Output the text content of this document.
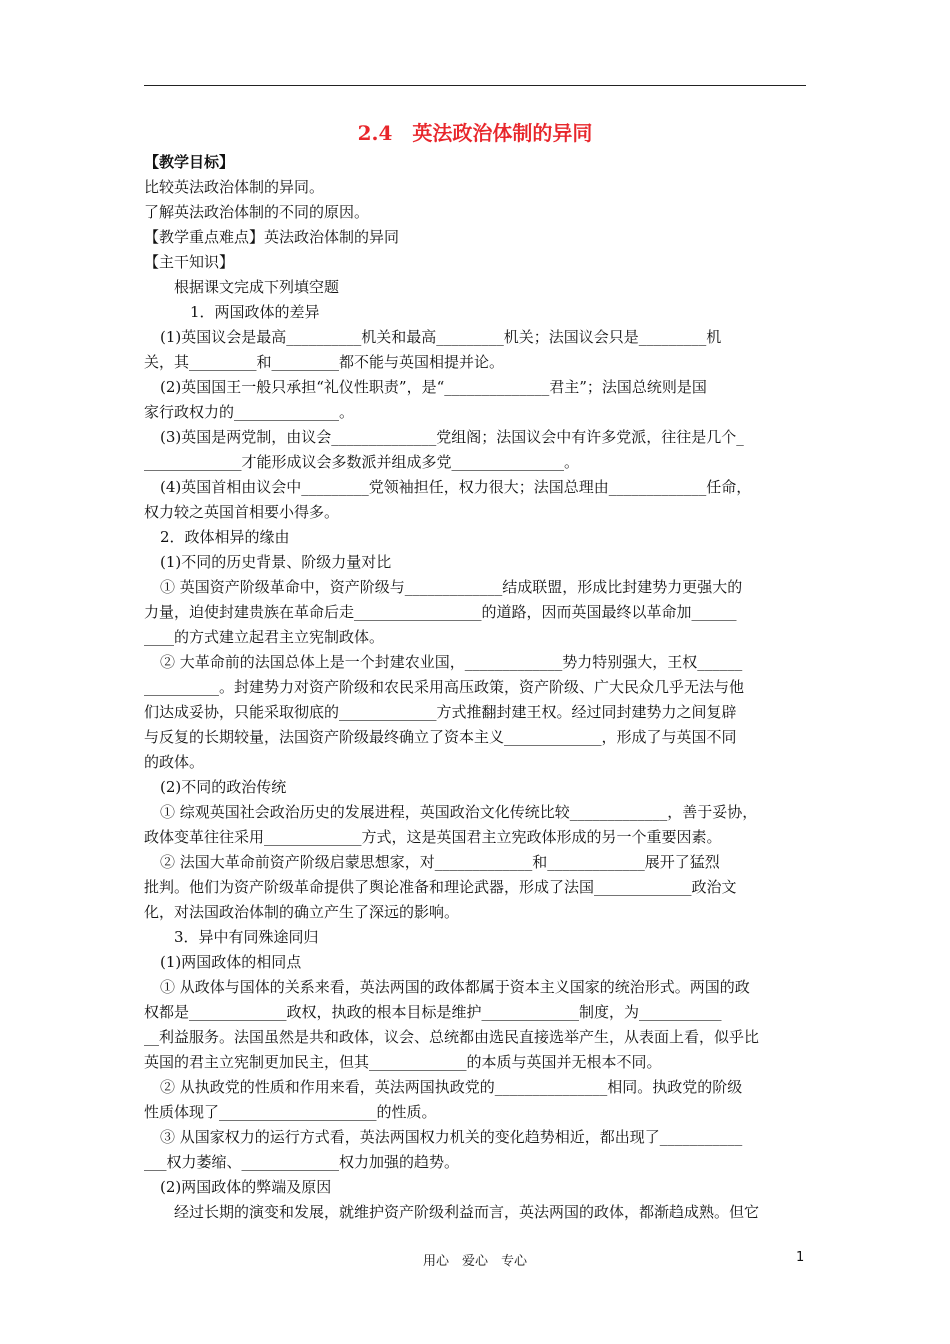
2.4　英法政治体制的异同
【教学目标】
比较英法政治体制的异同。
了解英法政治体制的不同的原因。
【教学重点难点】英法政治体制的异同
【主干知识】
根据课文完成下列填空题
1．两国政体的差异
(1)英国议会是最高__________机关和最高_________机关；法国议会只是_________机
关，其_________和_________都不能与英国相提并论。
(2)英国国王一般只承担“礼仪性职责”，是“______________君主”；法国总统则是国
家行政权力的______________。
(3)英国是两党制，由议会______________党组阁；法国议会中有许多党派，往往是几个_
_____________才能形成议会多数派并组成多党_______________。
(4)英国首相由议会中_________党领袖担任，权力很大；法国总理由_____________任命，
权力较之英国首相要小得多。
2．政体相异的缘由
(1)不同的历史背景、阶级力量对比
① 英国资产阶级革命中，资产阶级与_____________结成联盟，形成比封建势力更强大的
力量，迫使封建贵族在革命后走_________________的道路，因而英国最终以革命加______
____的方式建立起君主立宪制政体。
② 大革命前的法国总体上是一个封建农业国，_____________势力特别强大，王权______
__________。封建势力对资产阶级和农民采用高压政策，资产阶级、广大民众几乎无法与他
们达成妥协，只能采取彻底的_____________方式推翻封建王权。经过同封建势力之间复辟
与反复的长期较量，法国资产阶级最终确立了资本主义_____________，形成了与英国不同
的政体。
(2)不同的政治传统
① 综观英国社会政治历史的发展进程，英国政治文化传统比较_____________，善于妥协，
政体变革往往采用_____________方式，这是英国君主立宪政体形成的另一个重要因素。
② 法国大革命前资产阶级启蒙思想家，对_____________和_____________展开了猛烈
批判。他们为资产阶级革命提供了舆论准备和理论武器，形成了法国_____________政治文
化，对法国政治体制的确立产生了深远的影响。
3．异中有同殊途同归
(1)两国政体的相同点
① 从政体与国体的关系来看，英法两国的政体都属于资本主义国家的统治形式。两国的政
权都是_____________政权，执政的根本目标是维护_____________制度，为___________
__利益服务。法国虽然是共和政体，议会、总统都由选民直接选举产生，从表面上看，似乎比
英国的君主立宪制更加民主，但其_____________的本质与英国并无根本不同。
② 从执政党的性质和作用来看，英法两国执政党的_______________相同。执政党的阶级
性质体现了_____________________的性质。
③ 从国家权力的运行方式看，英法两国权力机关的变化趋势相近，都出现了___________
___权力萎缩、_____________权力加强的趋势。
(2)两国政体的弊端及原因
经过长期的演变和发展，就维护资产阶级利益而言，英法两国的政体，都渐趋成熟。但它
用心　爱心　专心	1
